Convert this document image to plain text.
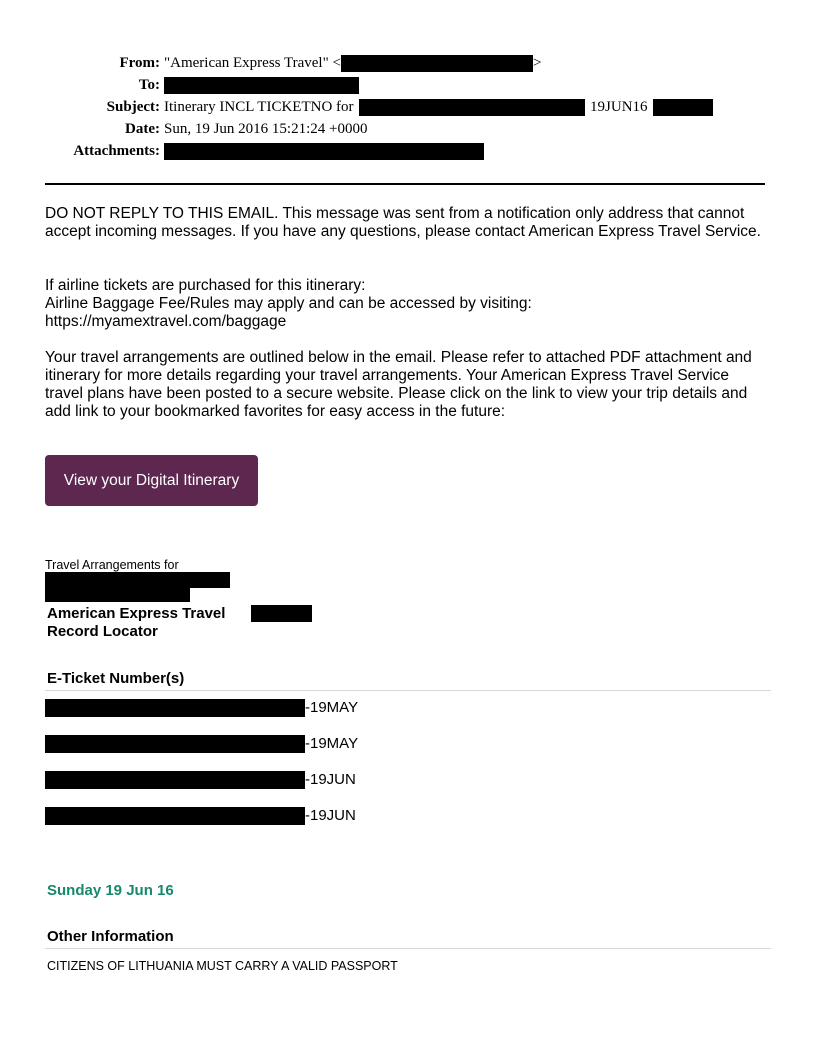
From: "American Express Travel" <	>
To:
Subject: Itinerary INCL TICKETNO for	19JUN16
Date: Sun, 19 Jun 2016 15:21:24 +0000
Attachments:

DO NOT REPLY TO THIS EMAIL. This message was sent from a notification only address that cannot accept incoming messages. If you have any questions, please contact American Express Travel Service.

If airline tickets are purchased for this itinerary:

Airline Baggage Fee/Rules may apply and can be accessed by visiting:

https://myamextravel.com/baggage

Your travel arrangements are outlined below in the email. Please refer to attached PDF attachment and itinerary for more details regarding your travel arrangements. Your American Express Travel Service travel plans have been posted to a secure website. Please click on the link to view your trip details and add link to your bookmarked favorites for easy access in the future:

View your Digital Itinerary
Travel Arrangements for
American Express Travel
Record Locator
E-Ticket Number(s)
-19MAY
-19MAY
-19JUN
-19JUN
Sunday 19 Jun 16
Other Information
CITIZENS OF LITHUANIA MUST CARRY A VALID PASSPORT
